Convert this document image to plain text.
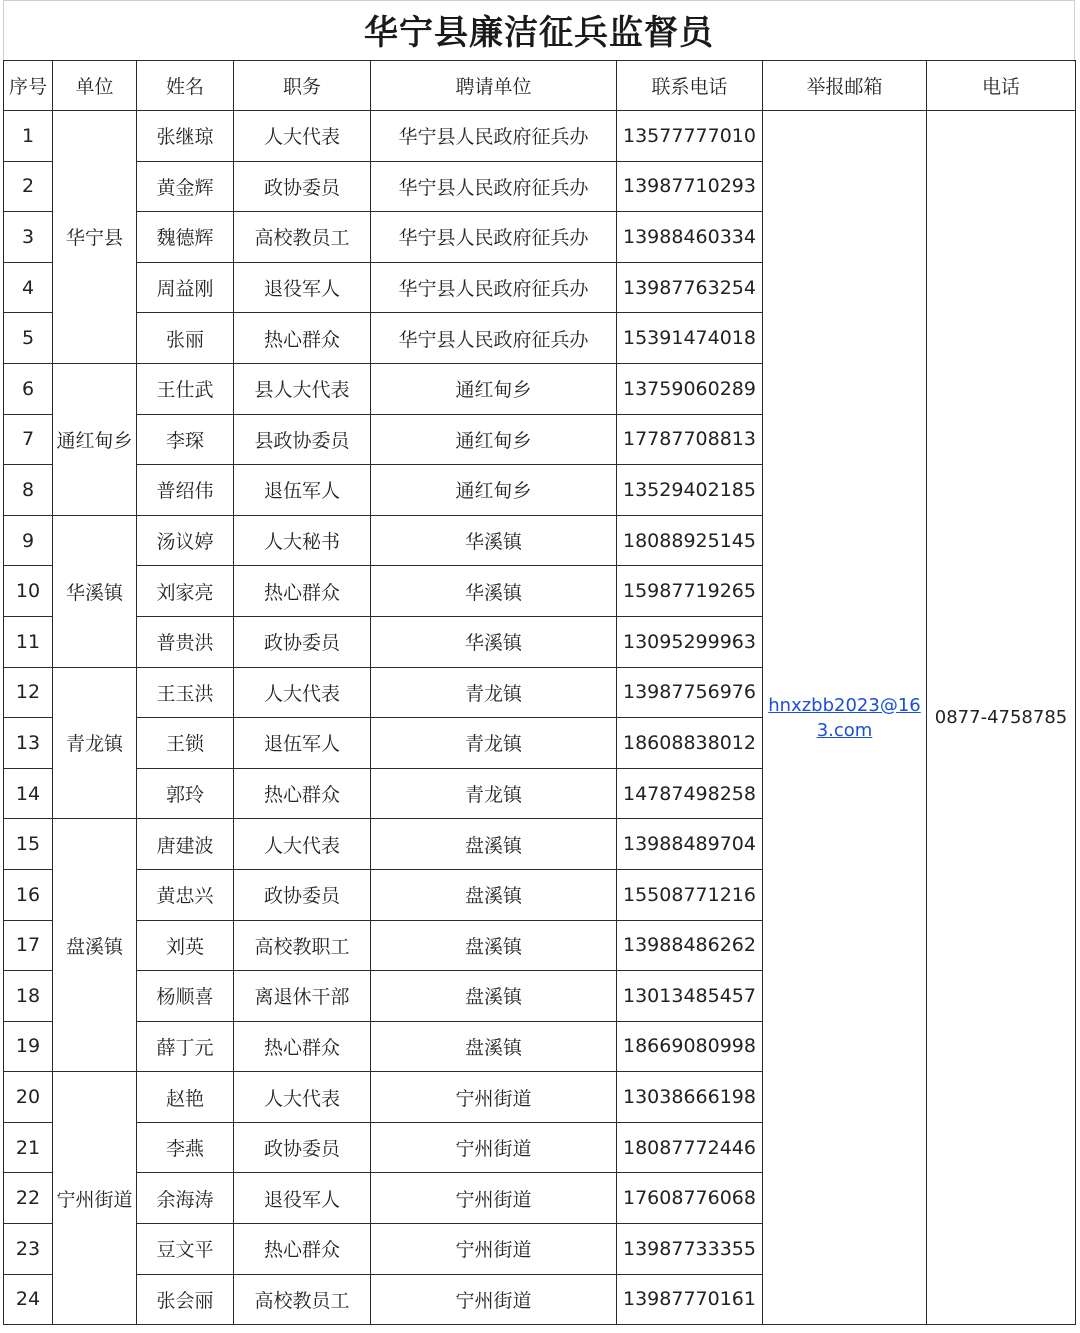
华宁县廉洁征兵监督员
序号	单位	姓名	职务	聘请单位	联系电话	举报邮箱	电话
1	华宁县	张继琼	人大代表	华宁县人民政府征兵办	13577777010	hnxzbb2023@163.com	0877-4758785
2		黄金辉	政协委员	华宁县人民政府征兵办	13987710293		
3		魏德辉	高校教员工	华宁县人民政府征兵办	13988460334		
4		周益刚	退役军人	华宁县人民政府征兵办	13987763254		
5		张丽	热心群众	华宁县人民政府征兵办	15391474018		
6	通红甸乡	王仕武	县人大代表	通红甸乡	13759060289		
7		李琛	县政协委员	通红甸乡	17787708813		
8		普绍伟	退伍军人	通红甸乡	13529402185		
9	华溪镇	汤议婷	人大秘书	华溪镇	18088925145		
10		刘家亮	热心群众	华溪镇	15987719265		
11		普贵洪	政协委员	华溪镇	13095299963		
12	青龙镇	王玉洪	人大代表	青龙镇	13987756976		
13		王锁	退伍军人	青龙镇	18608838012		
14		郭玲	热心群众	青龙镇	14787498258		
15	盘溪镇	唐建波	人大代表	盘溪镇	13988489704		
16		黄忠兴	政协委员	盘溪镇	15508771216		
17		刘英	高校教职工	盘溪镇	13988486262		
18		杨顺喜	离退休干部	盘溪镇	13013485457		
19		薛丁元	热心群众	盘溪镇	18669080998		
20	宁州街道	赵艳	人大代表	宁州街道	13038666198		
21		李燕	政协委员	宁州街道	18087772446		
22		余海涛	退役军人	宁州街道	17608776068		
23		豆文平	热心群众	宁州街道	13987733355		
24		张会丽	高校教员工	宁州街道	13987770161		
